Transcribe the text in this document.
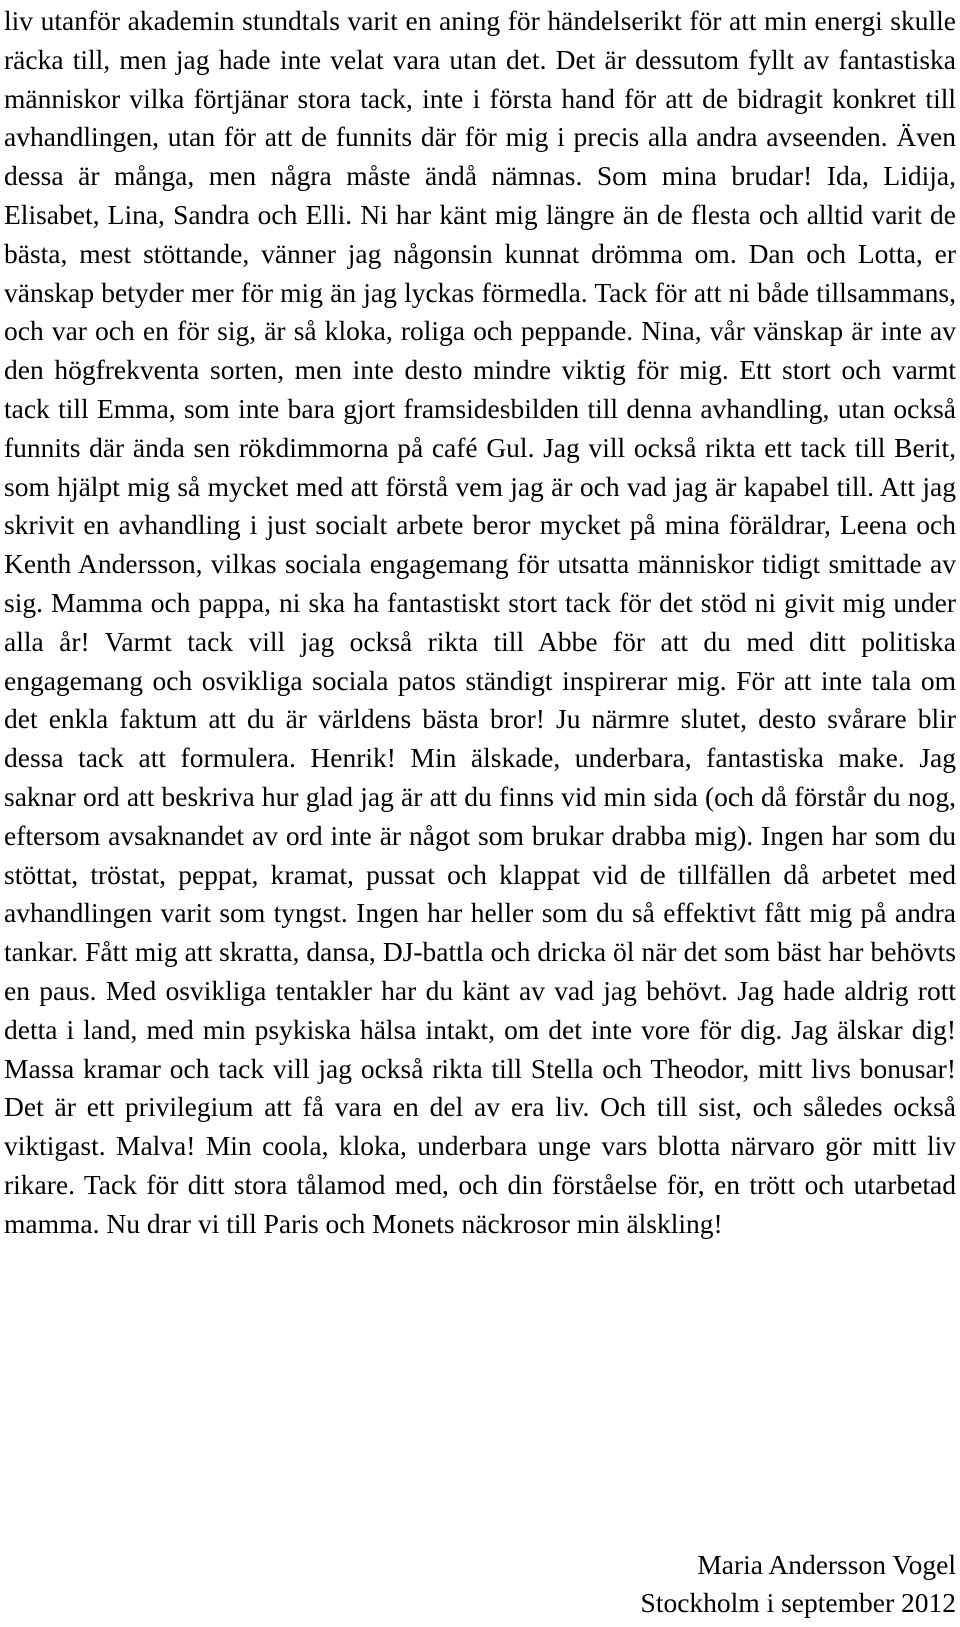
liv utanför akademin stundtals varit en aning för händelserikt för att min energi skulle räcka till, men jag hade inte velat vara utan det. Det är dessutom fyllt av fantastiska människor vilka förtjänar stora tack, inte i första hand för att de bidragit konkret till avhandlingen, utan för att de funnits där för mig i precis alla andra avseenden. Även dessa är många, men några måste ändå nämnas. Som mina brudar! Ida, Lidija, Elisabet, Lina, Sandra och Elli. Ni har känt mig längre än de flesta och alltid varit de bästa, mest stöttande, vänner jag någonsin kunnat drömma om. Dan och Lotta, er vänskap betyder mer för mig än jag lyckas förmedla. Tack för att ni både tillsammans, och var och en för sig, är så kloka, roliga och peppande. Nina, vår vänskap är inte av den högfrekventa sorten, men inte desto mindre viktig för mig. Ett stort och varmt tack till Emma, som inte bara gjort framsidesbilden till denna avhandling, utan också funnits där ända sen rökdimmorna på café Gul. Jag vill också rikta ett tack till Berit, som hjälpt mig så mycket med att förstå vem jag är och vad jag är kapabel till. Att jag skrivit en avhandling i just socialt arbete beror mycket på mina föräldrar, Leena och Kenth Andersson, vilkas sociala engagemang för utsatta människor tidigt smittade av sig. Mamma och pappa, ni ska ha fantastiskt stort tack för det stöd ni givit mig under alla år! Varmt tack vill jag också rikta till Abbe för att du med ditt politiska engagemang och osvikliga sociala patos ständigt inspirerar mig. För att inte tala om det enkla faktum att du är världens bästa bror! Ju närmre slutet, desto svårare blir dessa tack att formulera. Henrik! Min älskade, underbara, fantastiska make. Jag saknar ord att beskriva hur glad jag är att du finns vid min sida (och då förstår du nog, eftersom avsaknandet av ord inte är något som brukar drabba mig). Ingen har som du stöttat, tröstat, peppat, kramat, pussat och klappat vid de tillfällen då arbetet med avhandlingen varit som tyngst. Ingen har heller som du så effektivt fått mig på andra tankar. Fått mig att skratta, dansa, DJ-battla och dricka öl när det som bäst har behövts en paus. Med osvikliga tentakler har du känt av vad jag behövt. Jag hade aldrig rott detta i land, med min psykiska hälsa intakt, om det inte vore för dig. Jag älskar dig! Massa kramar och tack vill jag också rikta till Stella och Theodor, mitt livs bonusar! Det är ett privilegium att få vara en del av era liv. Och till sist, och således också viktigast. Malva! Min coola, kloka, underbara unge vars blotta närvaro gör mitt liv rikare. Tack för ditt stora tålamod med, och din förståelse för, en trött och utarbetad mamma. Nu drar vi till Paris och Monets näckrosor min älskling!

Maria Andersson Vogel
Stockholm i september 2012
